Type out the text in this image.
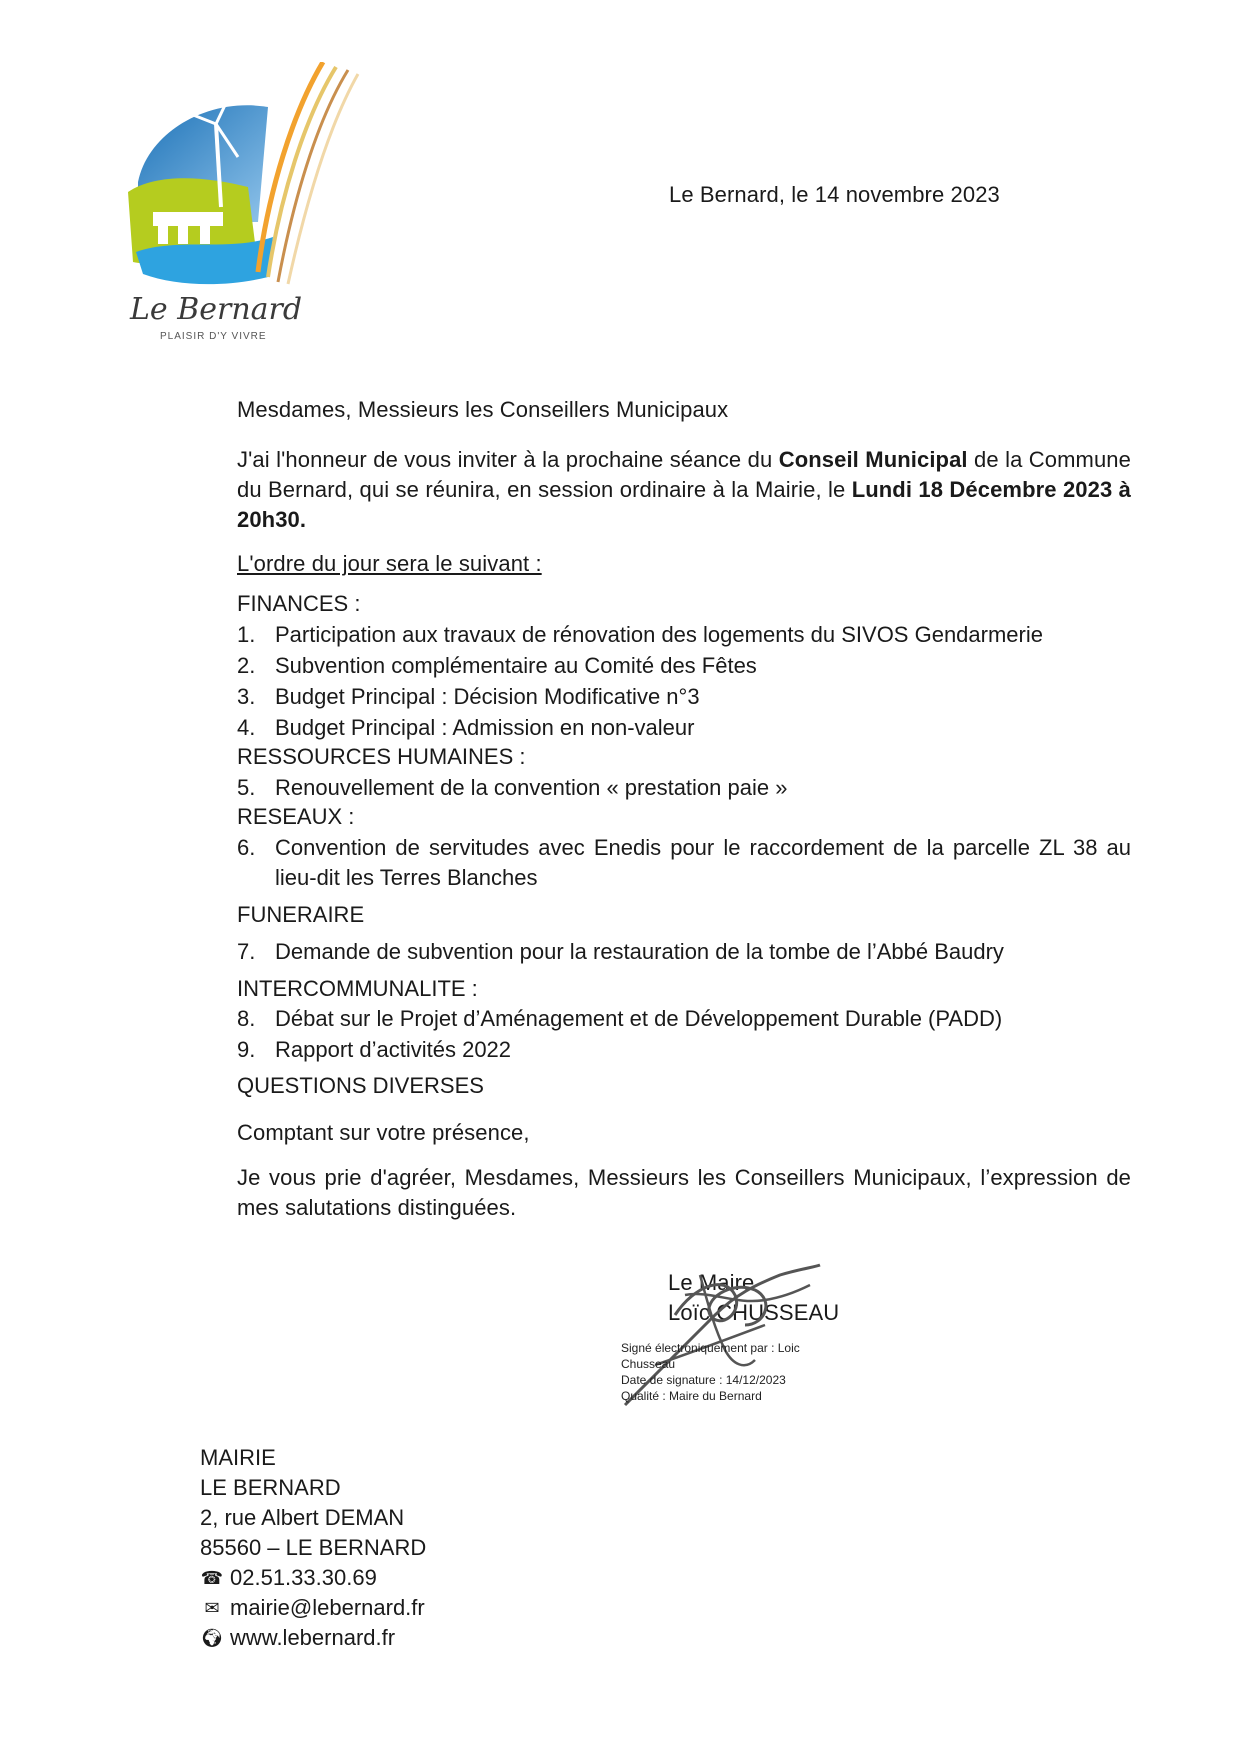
Le Bernard
PLAISIR D'Y VIVRE
Le Bernard, le 14 novembre 2023
Mesdames, Messieurs les Conseillers Municipaux
J'ai l'honneur de vous inviter à la prochaine séance du Conseil Municipal de la Commune du Bernard, qui se réunira, en session ordinaire à la Mairie, le Lundi 18 Décembre 2023 à 20h30.
L'ordre du jour sera le suivant :
FINANCES :
1. Participation aux travaux de rénovation des logements du SIVOS Gendarmerie
2. Subvention complémentaire au Comité des Fêtes
3. Budget Principal : Décision Modificative n°3
4. Budget Principal : Admission en non-valeur
RESSOURCES HUMAINES :
5. Renouvellement de la convention « prestation paie »
RESEAUX :
6. Convention de servitudes avec Enedis pour le raccordement de la parcelle ZL 38 au
lieu-dit les Terres Blanches
FUNERAIRE
7. Demande de subvention pour la restauration de la tombe de l’Abbé Baudry
INTERCOMMUNALITE :
8. Débat sur le Projet d’Aménagement et de Développement Durable (PADD)
9. Rapport d’activités 2022
QUESTIONS DIVERSES
Comptant sur votre présence,
Je vous prie d'agréer, Mesdames, Messieurs les Conseillers Municipaux, l’expression de mes salutations distinguées.
Le Maire
Loïc CHUSSEAU
Signé électroniquement par : Loic
Chusseau
Date de signature : 14/12/2023
Qualité : Maire du Bernard
MAIRIE
LE BERNARD
2, rue Albert DEMAN
85560 – LE BERNARD
☎ 02.51.33.30.69
✉ mairie@lebernard.fr
🌍︎ www.lebernard.fr
